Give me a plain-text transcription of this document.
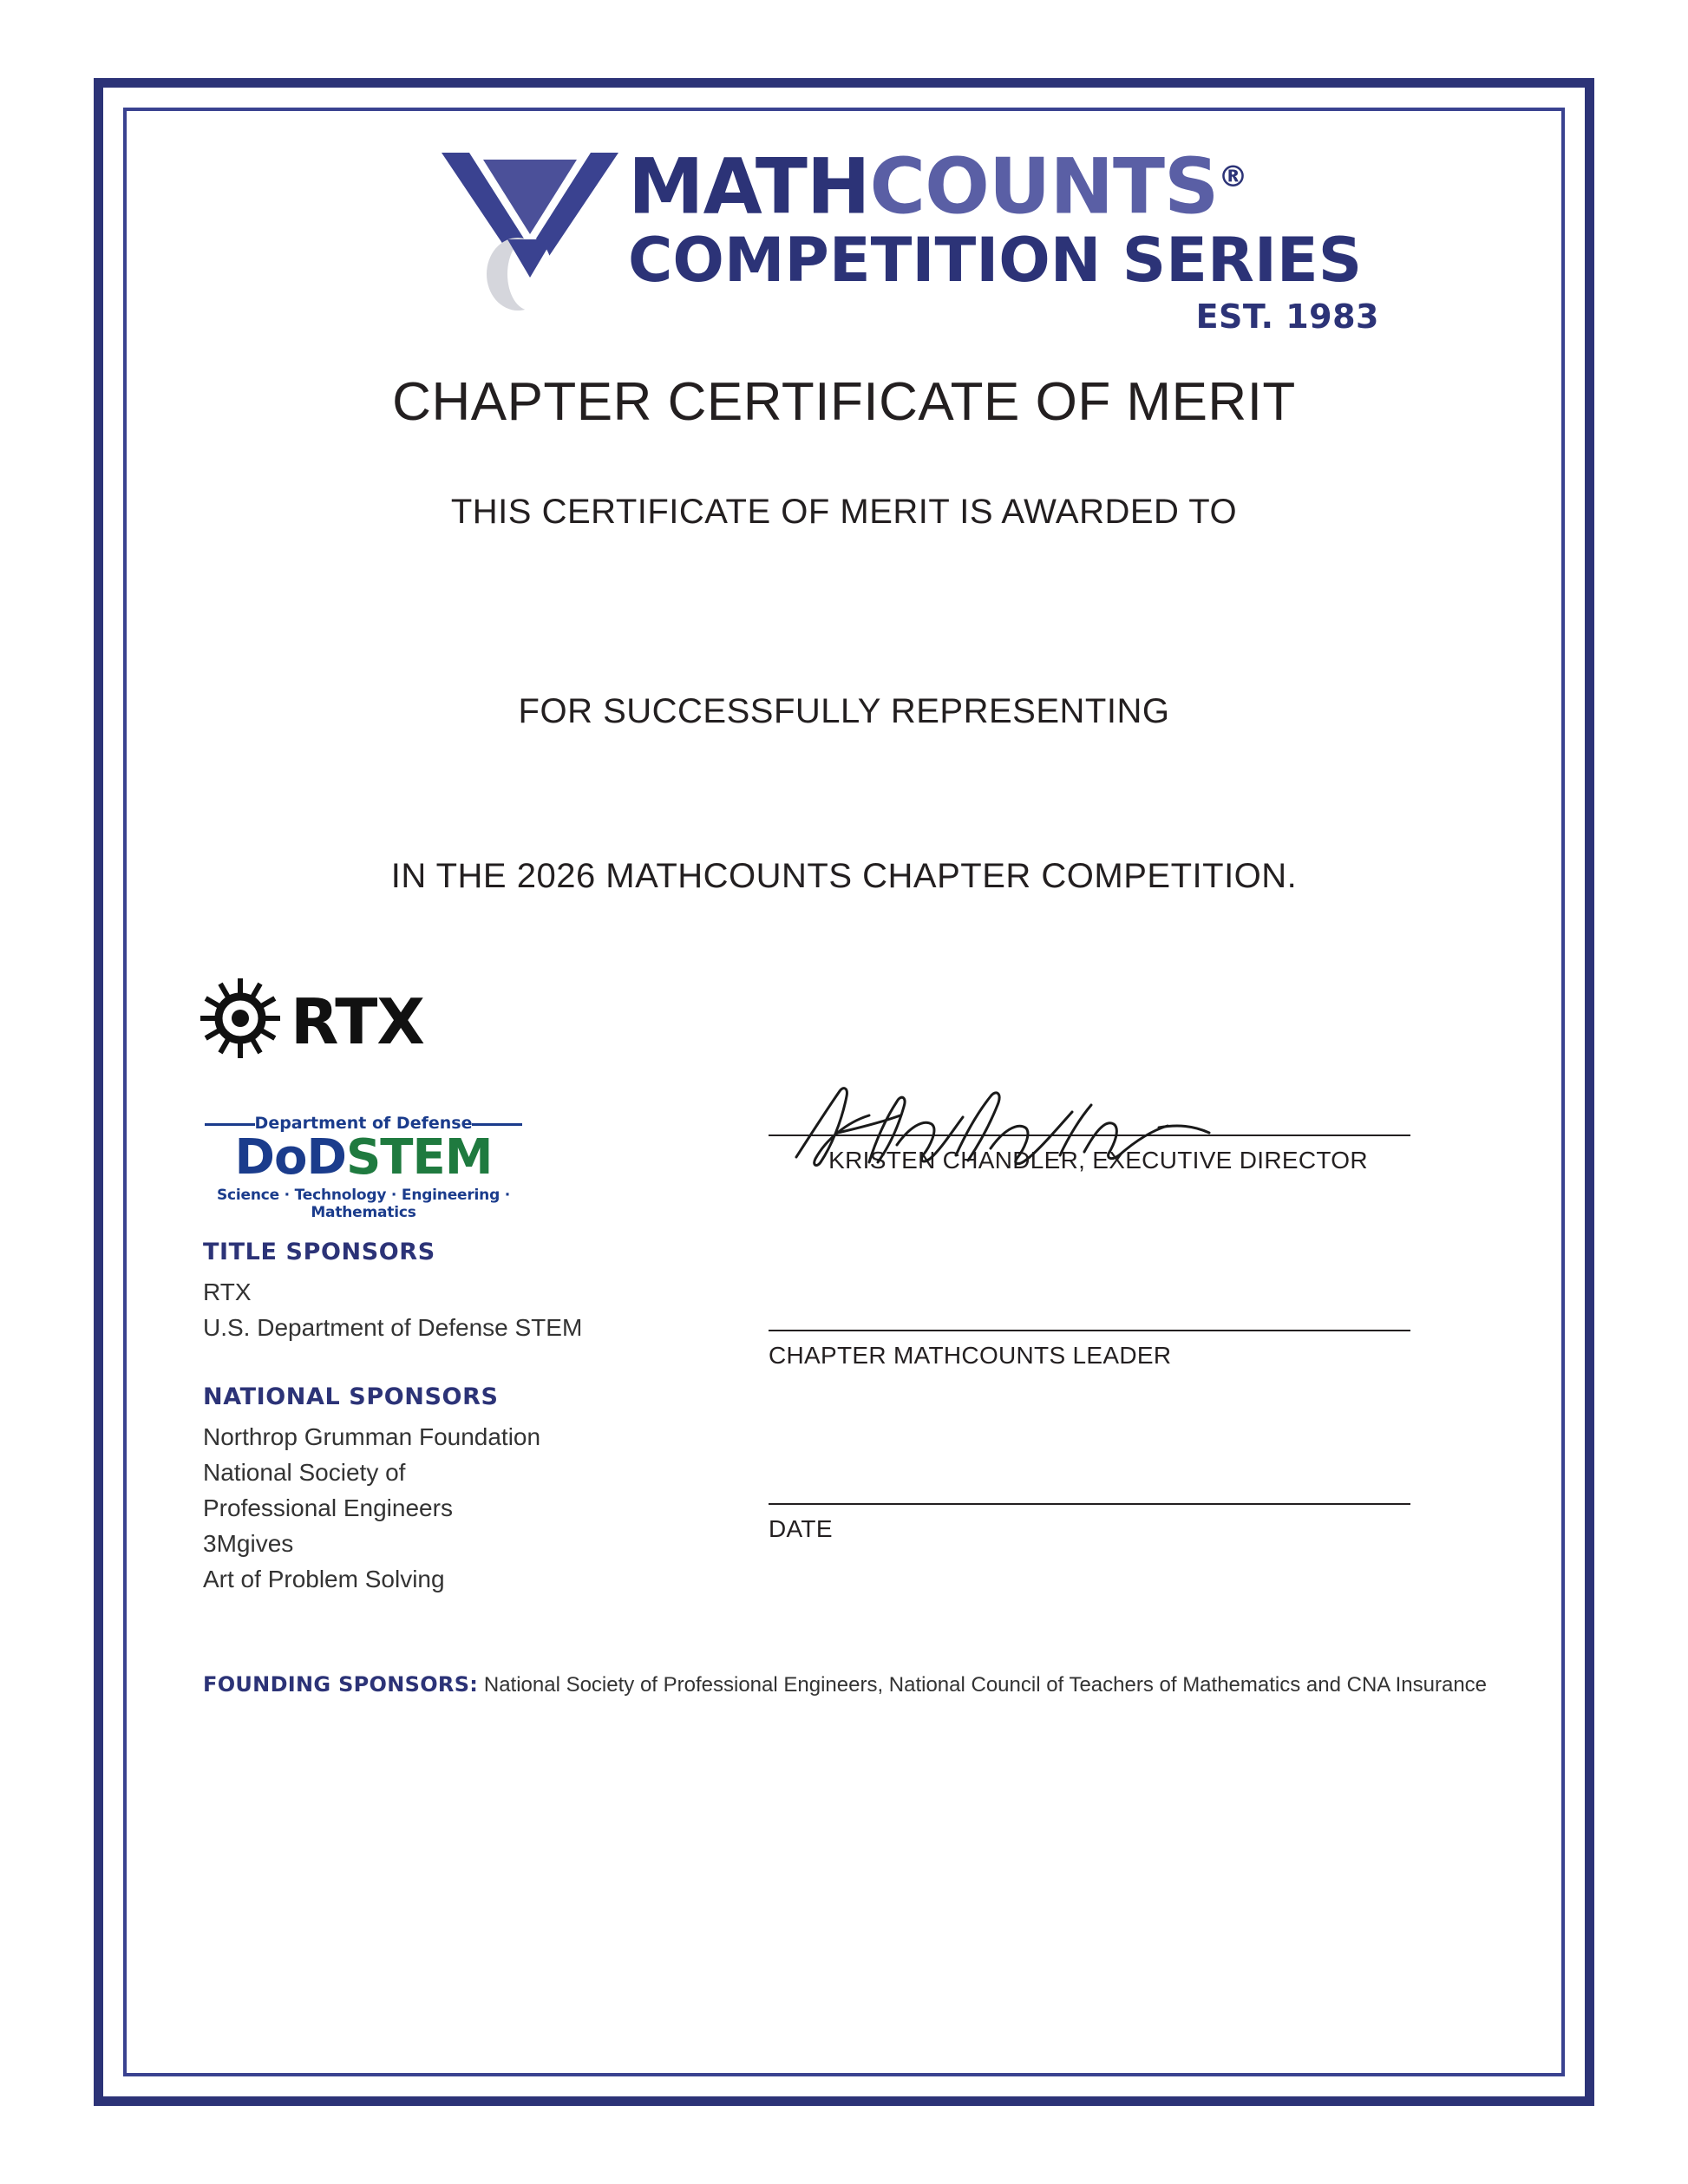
MATHCOUNTS®
COMPETITION SERIES
EST. 1983
CHAPTER CERTIFICATE OF MERIT
THIS CERTIFICATE OF MERIT IS AWARDED TO
FOR SUCCESSFULLY REPRESENTING
IN THE 2026 MATHCOUNTS CHAPTER COMPETITION.
RTX
Department of Defense
DoDSTEM
Science · Technology · Engineering · Mathematics
TITLE SPONSORS
RTX
U.S. Department of Defense STEM
NATIONAL SPONSORS
Northrop Grumman Foundation
National Society of
Professional Engineers
3Mgives
Art of Problem Solving
KRISTEN CHANDLER, EXECUTIVE DIRECTOR
CHAPTER MATHCOUNTS LEADER
DATE
FOUNDING SPONSORS: National Society of Professional Engineers, National Council of Teachers of Mathematics and CNA Insurance
